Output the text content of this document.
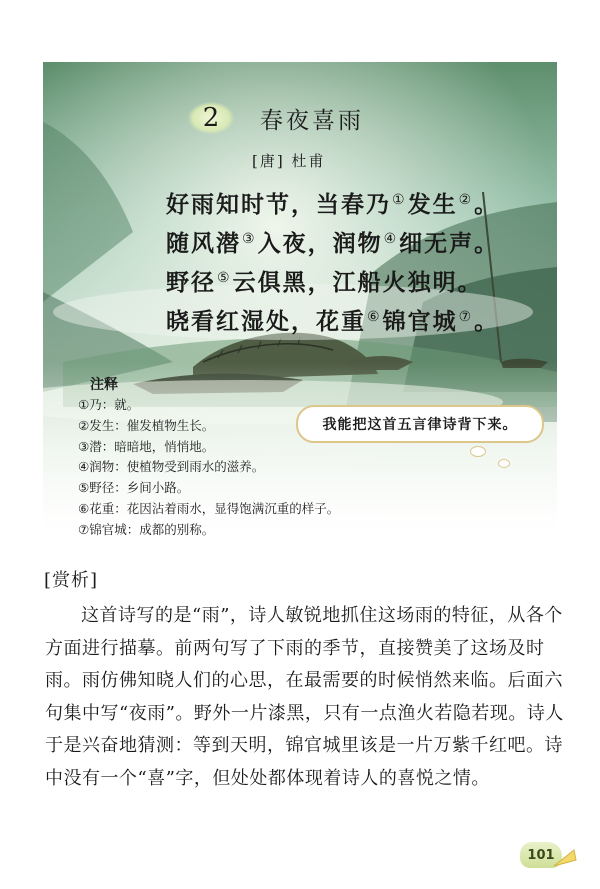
2	春夜喜雨
[唐] 杜甫
好雨知时节，当春乃①发生②。
随风潜③入夜，润物④细无声。
野径⑤云俱黑，江船火独明。
晓看红湿处，花重⑥锦官城⑦。
注释
①乃：就。
②发生：催发植物生长。
③潜：暗暗地，悄悄地。
④润物：使植物受到雨水的滋养。
⑤野径：乡间小路。
⑥花重：花因沾着雨水，显得饱满沉重的样子。
⑦锦官城：成都的别称。
我能把这首五言律诗背下来。
[赏析]

这首诗写的是“雨”，诗人敏锐地抓住这场雨的特征，从各个方面进行描摹。前两句写了下雨的季节，直接赞美了这场及时雨。雨仿佛知晓人们的心思，在最需要的时候悄然来临。后面六句集中写“夜雨”。野外一片漆黑，只有一点渔火若隐若现。诗人于是兴奋地猜测：等到天明，锦官城里该是一片万紫千红吧。诗中没有一个“喜”字，但处处都体现着诗人的喜悦之情。

101
